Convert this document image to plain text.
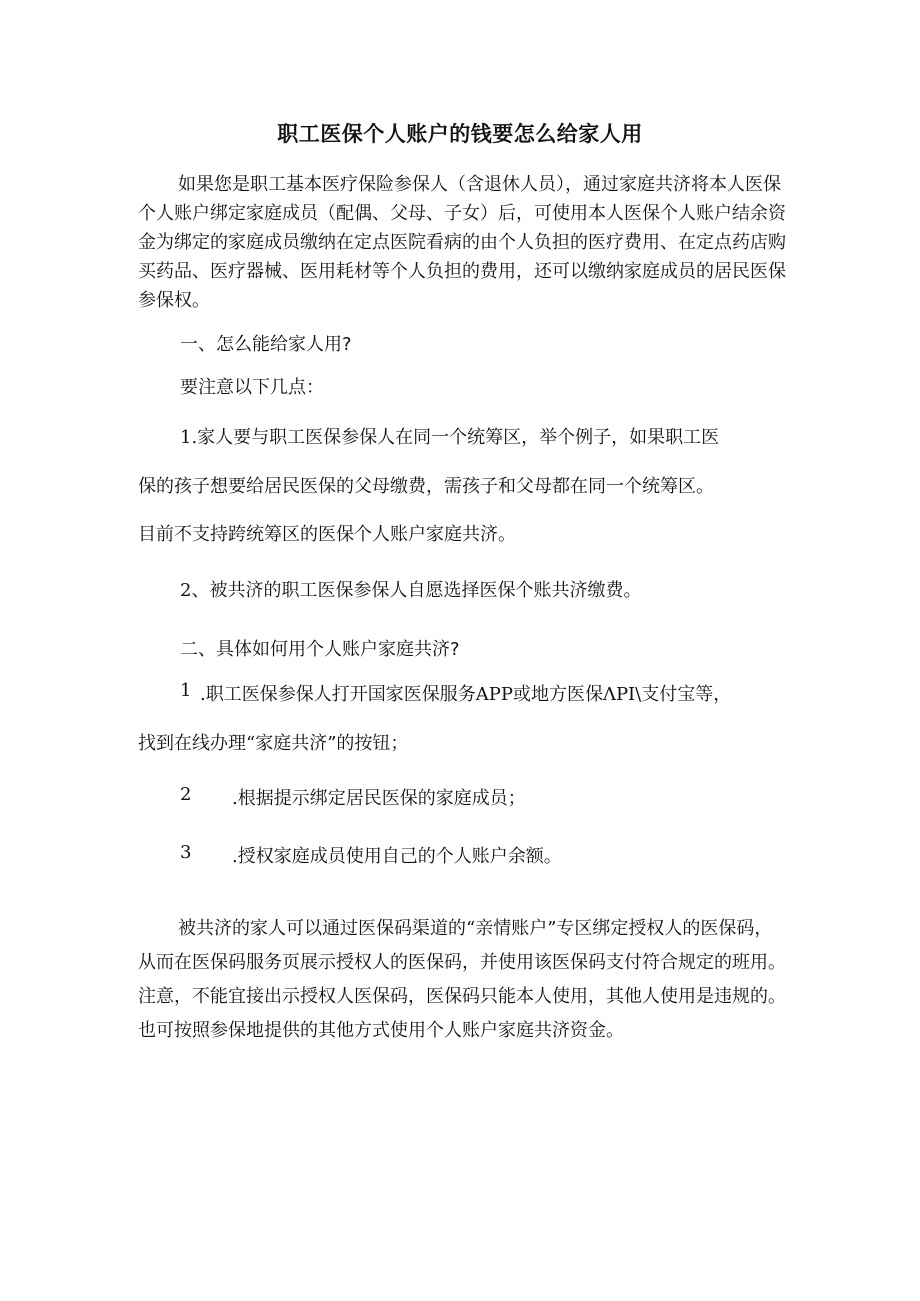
职工医保个人账户的钱要怎么给家人用
如果您是职工基本医疗保险参保人（含退休人员），通过家庭共济将本人医保个人账户绑定家庭成员（配偶、父母、子女）后，可使用本人医保个人账户结余资金为绑定的家庭成员缴纳在定点医院看病的由个人负担的医疗费用、在定点药店购买药品、医疗器械、医用耗材等个人负担的费用，还可以缴纳家庭成员的居民医保参保权。
一、怎么能给家人用?
要注意以下几点：
1.家人要与职工医保参保人在同一个统筹区，举个例子，如果职工医
保的孩子想要给居民医保的父母缴费，需孩子和父母都在同一个统筹区。
目前不支持跨统筹区的医保个人账户家庭共济。
2、被共济的职工医保参保人自愿选择医保个账共济缴费。
二、具体如何用个人账户家庭共济?
1 .职工医保参保人打开国家医保服务APP或地方医保ΛPI\支付宝等，
找到在线办理“家庭共济”的按钮；
2 .根据提示绑定居民医保的家庭成员；
3 .授权家庭成员使用自己的个人账户余额。
被共济的家人可以通过医保码渠道的“亲情账户”专区绑定授权人的医保码，从而在医保码服务页展示授权人的医保码，并使用该医保码支付符合规定的班用。注意，不能宜接出示授权人医保码，医保码只能本人使用，其他人使用是违规的。也可按照参保地提供的其他方式使用个人账户家庭共济资金。
